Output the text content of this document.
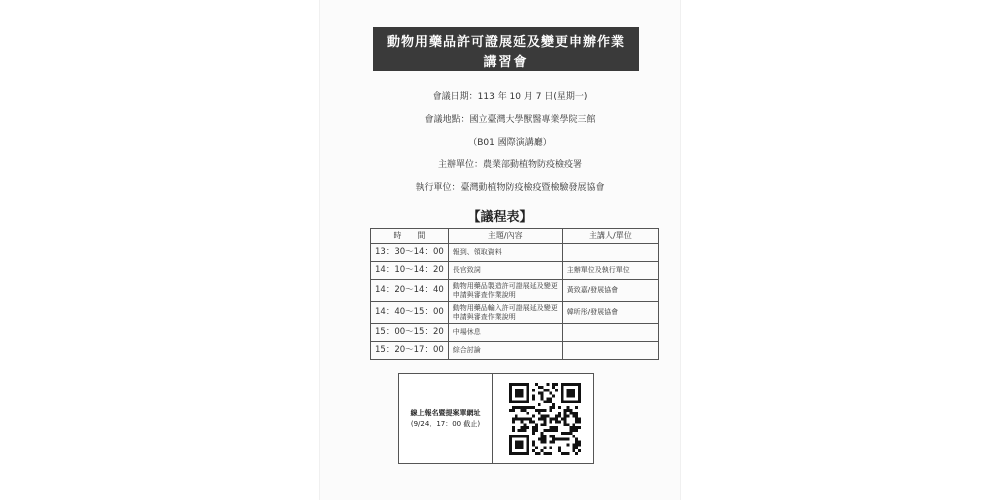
動物用藥品許可證展延及變更申辦作業
講習會
會議日期：113 年 10 月 7 日(星期一)
會議地點：國立臺灣大學獸醫專業學院三館
（B01 國際演講廳）
主辦單位：農業部動植物防疫檢疫署
執行單位：臺灣動植物防疫檢疫暨檢驗發展協會
【議程表】
時　　間	主題/內容	主講人/單位
13：30～14：00	報到、領取資料	
14：10～14：20	長官致詞	主辦單位及執行單位
14：20～14：40	動物用藥品製造許可證展延及變更申請與審查作業說明	黃致嘉/發展協會
14：40～15：00	動物用藥品輸入許可證展延及變更申請與審查作業說明	韓昕彤/發展協會
15：00～15：20	中場休息	
15：20～17：00	綜合討論	
線上報名暨提案單網址
(9/24．17：00 截止)
